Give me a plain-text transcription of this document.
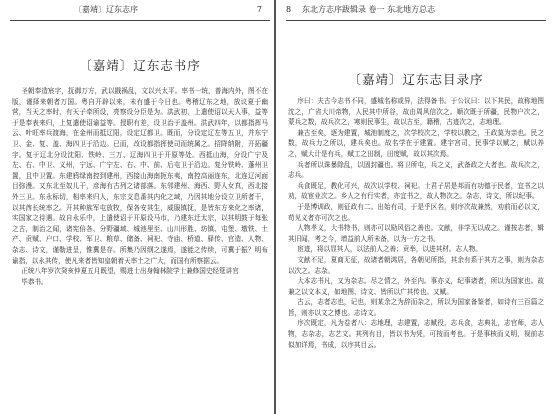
〔嘉靖〕辽东志序	7
〔嘉靖〕辽东志书序

圣朝奉造宸字，抚御万方，武以戡祸乱，文以兴太平。率书一统，普海内外，图不在版，谨择来朝者万国。粤自开辟以来，未有盛于今日也。粤稽辽东之地，放议夏于幽营，当天之率时，有天子牵所设，亮察设分臣是为。洪武初，上遣使诏以天人事，益等于是奉表来归，上复遣使诏谕益等。授职有差，设卫治于盖州。洪武四年，以都指挥马云、叶旺率兵渡海，在金州而抵辽阳，设定辽都卫。既而，分设定辽左等五卫，并东宁卫、金、复、盖、海四卫于沿边。已而，改设都指挥使司而统属之。招降纳附，开拓疆宇。复于辽北分设沈阳、铁岭、三万、辽海四卫于开原等处。西抵山海，分设广宁及左、右、中卫、义州，宁远、广宁左、右、中、前、后屯卫于沿边。复分铁岭、蓬州卫置，且中卫置。东建鸦绿南控到建州，西接山海南扼东夷，南控高丽连东，北连辽河面目弥漫。又东北至奴儿干，彦海有古列之诸部落。东邻建州、海西、野人女真，西北接外三卫。东永标切，相率来归人，东宗支息番其内化之域，乃因其地分设立卫所者干，以其酋长统率之。开其种族军屯放牧，保各安其生，威服镇抚，是皆东方来化之率诸，实国家之待遇。故自永乐中，上遣使诏于开原设马市，乃建东迁太宗，以其明鼓于每张之古，制治之闻，诸宪倍各、分野疆域、城池里至、山川形胜、坊镇、屯堡、墩铁、土产、贡赋、户口、学校、军卫、粮草、储备、祠祀、寺庙、桥道、驿传、官造、人物、杂志、诗文，谨勒进呈，惟冀是存。所集乃因纲之遂焉，遂能之传续，可冀于振？明布谕指，以永其传，使凡来者皆知皇朝着天率土之广大，而国有所察据云。

正统八年岁次癸亥仲夏五月既望，赐进士出身翰林院学士兼修国史经筵讲官

毕恭书。

8 东北方志序跋辑录 卷一 东北地方总志
〔嘉靖〕辽东志目录序

序曰：夫古今志书不同，盛城名称或异，法得备书。于公议曰：以下其民，故称地图沈之，广省大川帝物，人民其中所谷，故由周风信次之。顺次既于所疆，民物户次之，蒙兵之数，故兵次之，寒则民事生，故以古至，籍稽，古迹次之，志地理。

兼古至矣，逐为建置，城池制度之，次学校次之，学校以教之，王政莫为亲也。民之数，故兵力之所以，建兵矣也。故名学在于建置。建宇宫司，民事学以赋之，赋以养之，赋大计是有兵，赋工之田制，田度赋，故以其次焉。

兵者所以诛暴除乱，以固封疆也。将卫所屯，兵之义，武备政之大者也。故兵次之，志兵。

兵食既足，教化可兴，故次以学校、祠祀。士君子居是邦而有功德于民者，宜书之以劝，故宦业次之。乡人之有行实者，亦宜书之，故人物次之。杂志，诗文，所以纪事。

于是博训政，则征政有二。出始有司，于是乎区名，则序次故兼然，劝前而必以文，苟见义者亦可次之也。

人物孝义，大书特书，则亦可以励风俗之善也。文献，非学无以成之。谨按志者，辑其旧闻，考之今，增益前人所未备，以为一方之书。

宦迹，将以显其人，以法前人之善；贡举，以进其材。志人物。

文献不足，夏商无征，故诸者朝鸿居，各朝见所指，其余有系于其方之事，则为杂志以次之。志杂。

大本志书凡，又为杂志。尽之情之，外至内。事亦义，纪事诸者，所以为国家也。故兼之以文本义，如地图、诗文、皆所以广其传也。又赋。

古云，志者志也，记也，则某余之为辞而杂之，所以为国家备鉴者，如诗有三百篇之旨，则亦以文之博也。志诗文。

序次既定，凡为卷者八：志地理，志建置，志赋役，志兵食，志典礼，志官师，志人物，志杂志，志艺文。其列有目，皆以书为凭，可按而考也。于是事核而义明，视前志似加详焉，书成，以序其目云。
